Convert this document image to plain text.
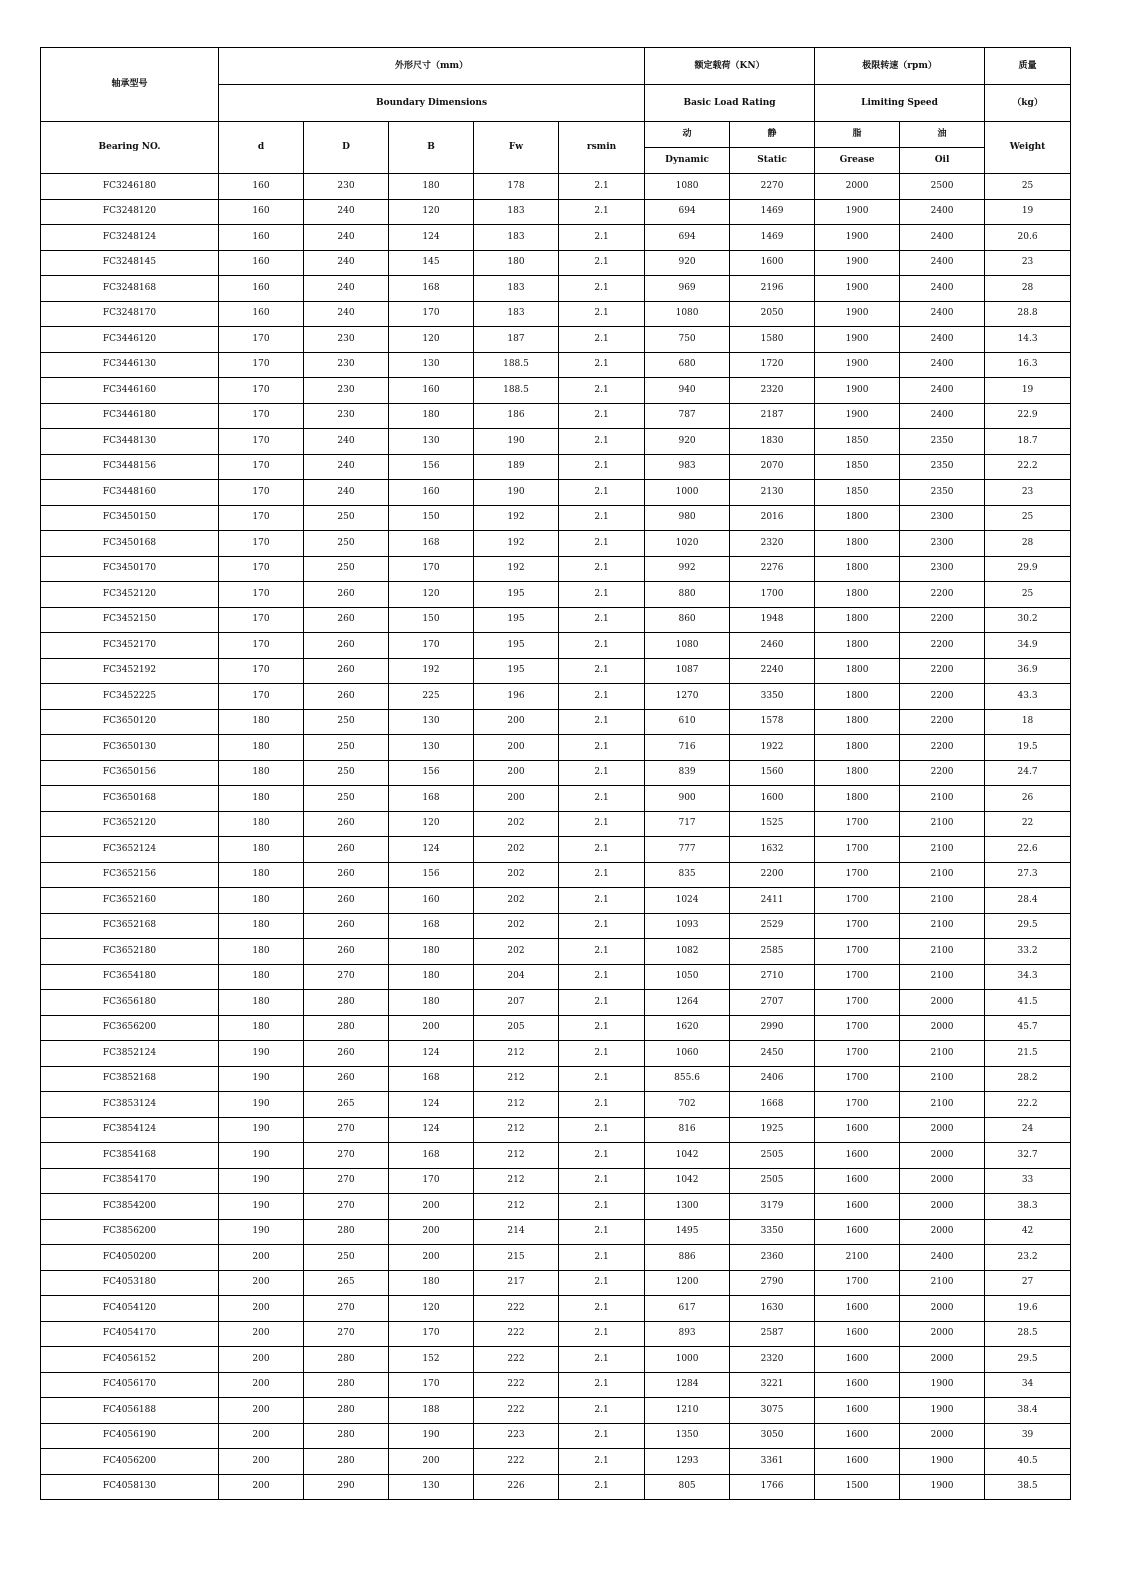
轴承型号	外形尺寸（mm）					额定载荷（KN）		极限转速（rpm）		质量
	Boundary Dimensions					Basic Load Rating		Limiting Speed		（kg）
Bearing NO.	d	D	B	Fw	rsmin	动	静	脂	油	Weight
						Dynamic	Static	Grease	Oil	
FC3246180	160	230	180	178	2.1	1080	2270	2000	2500	25
FC3248120	160	240	120	183	2.1	694	1469	1900	2400	19
FC3248124	160	240	124	183	2.1	694	1469	1900	2400	20.6
FC3248145	160	240	145	180	2.1	920	1600	1900	2400	23
FC3248168	160	240	168	183	2.1	969	2196	1900	2400	28
FC3248170	160	240	170	183	2.1	1080	2050	1900	2400	28.8
FC3446120	170	230	120	187	2.1	750	1580	1900	2400	14.3
FC3446130	170	230	130	188.5	2.1	680	1720	1900	2400	16.3
FC3446160	170	230	160	188.5	2.1	940	2320	1900	2400	19
FC3446180	170	230	180	186	2.1	787	2187	1900	2400	22.9
FC3448130	170	240	130	190	2.1	920	1830	1850	2350	18.7
FC3448156	170	240	156	189	2.1	983	2070	1850	2350	22.2
FC3448160	170	240	160	190	2.1	1000	2130	1850	2350	23
FC3450150	170	250	150	192	2.1	980	2016	1800	2300	25
FC3450168	170	250	168	192	2.1	1020	2320	1800	2300	28
FC3450170	170	250	170	192	2.1	992	2276	1800	2300	29.9
FC3452120	170	260	120	195	2.1	880	1700	1800	2200	25
FC3452150	170	260	150	195	2.1	860	1948	1800	2200	30.2
FC3452170	170	260	170	195	2.1	1080	2460	1800	2200	34.9
FC3452192	170	260	192	195	2.1	1087	2240	1800	2200	36.9
FC3452225	170	260	225	196	2.1	1270	3350	1800	2200	43.3
FC3650120	180	250	130	200	2.1	610	1578	1800	2200	18
FC3650130	180	250	130	200	2.1	716	1922	1800	2200	19.5
FC3650156	180	250	156	200	2.1	839	1560	1800	2200	24.7
FC3650168	180	250	168	200	2.1	900	1600	1800	2100	26
FC3652120	180	260	120	202	2.1	717	1525	1700	2100	22
FC3652124	180	260	124	202	2.1	777	1632	1700	2100	22.6
FC3652156	180	260	156	202	2.1	835	2200	1700	2100	27.3
FC3652160	180	260	160	202	2.1	1024	2411	1700	2100	28.4
FC3652168	180	260	168	202	2.1	1093	2529	1700	2100	29.5
FC3652180	180	260	180	202	2.1	1082	2585	1700	2100	33.2
FC3654180	180	270	180	204	2.1	1050	2710	1700	2100	34.3
FC3656180	180	280	180	207	2.1	1264	2707	1700	2000	41.5
FC3656200	180	280	200	205	2.1	1620	2990	1700	2000	45.7
FC3852124	190	260	124	212	2.1	1060	2450	1700	2100	21.5
FC3852168	190	260	168	212	2.1	855.6	2406	1700	2100	28.2
FC3853124	190	265	124	212	2.1	702	1668	1700	2100	22.2
FC3854124	190	270	124	212	2.1	816	1925	1600	2000	24
FC3854168	190	270	168	212	2.1	1042	2505	1600	2000	32.7
FC3854170	190	270	170	212	2.1	1042	2505	1600	2000	33
FC3854200	190	270	200	212	2.1	1300	3179	1600	2000	38.3
FC3856200	190	280	200	214	2.1	1495	3350	1600	2000	42
FC4050200	200	250	200	215	2.1	886	2360	2100	2400	23.2
FC4053180	200	265	180	217	2.1	1200	2790	1700	2100	27
FC4054120	200	270	120	222	2.1	617	1630	1600	2000	19.6
FC4054170	200	270	170	222	2.1	893	2587	1600	2000	28.5
FC4056152	200	280	152	222	2.1	1000	2320	1600	2000	29.5
FC4056170	200	280	170	222	2.1	1284	3221	1600	1900	34
FC4056188	200	280	188	222	2.1	1210	3075	1600	1900	38.4
FC4056190	200	280	190	223	2.1	1350	3050	1600	2000	39
FC4056200	200	280	200	222	2.1	1293	3361	1600	1900	40.5
FC4058130	200	290	130	226	2.1	805	1766	1500	1900	38.5
